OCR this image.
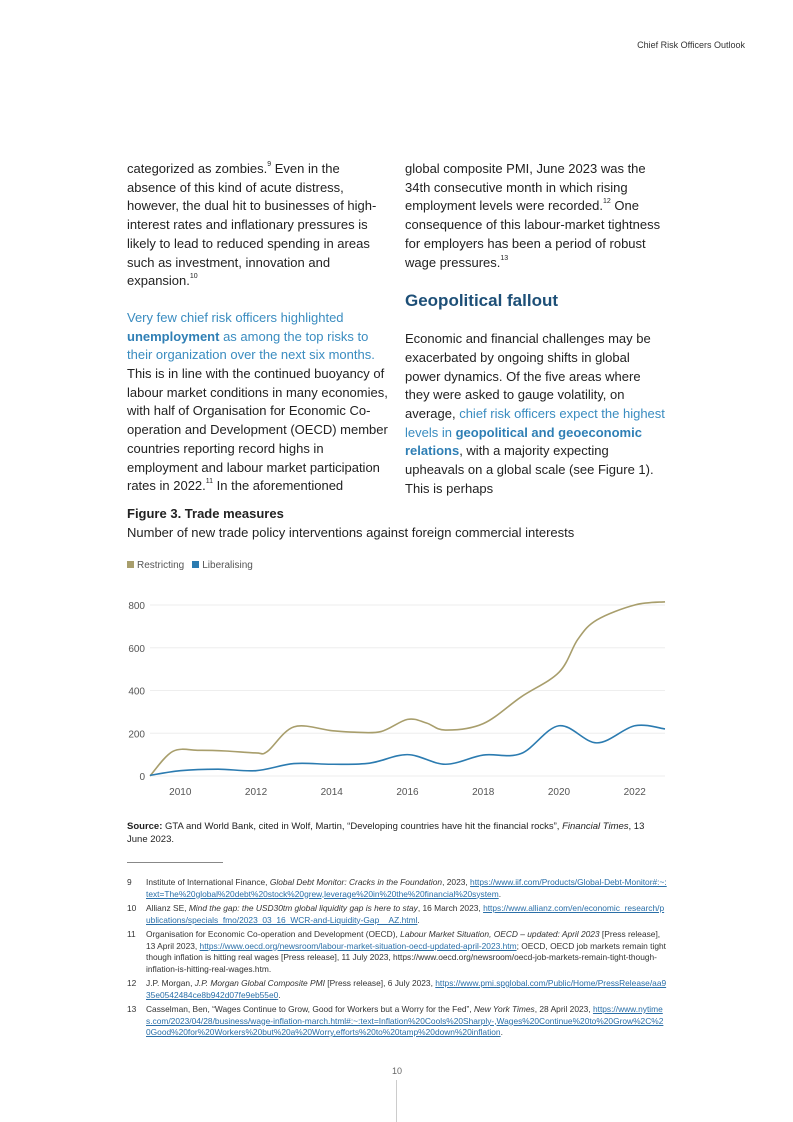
Chief Risk Officers Outlook

categorized as zombies.$^9$ Even in the absence of this kind of acute distress, however, the dual hit to businesses of high-interest rates and inflationary pressures is likely to lead to reduced spending in areas such as investment, innovation and expansion.$^{10}$

Very few chief risk officers highlighted unemployment as among the top risks to their organization over the next six months. This is in line with the continued buoyancy of labour market conditions in many economies, with half of Organisation for Economic Co-operation and Development (OECD) member countries reporting record highs in employment and labour market participation rates in 2022.11 In the aforementioned

global composite PMI, June 2023 was the 34th consecutive month in which rising employment levels were recorded.$^{12}$ One consequence of this labour-market tightness for employers has been a period of robust wage pressures.$^{13}$

Geopolitical fallout

Economic and financial challenges may be exacerbated by ongoing shifts in global power dynamics. Of the five areas where they were asked to gauge volatility, on average, chief risk officers expect the highest levels in geopolitical and geoeconomic relations, with a majority expecting upheavals on a global scale (see Figure 1). This is perhaps

Figure 3. Trade measures
Number of new trade policy interventions against foreign commercial interests
Restricting	Liberalising
0
200
400
600
800
2010	2012	2014	2016	2018	2020	2022
Source: GTA and World Bank, cited in Wolf, Martin, “Developing countries have hit the financial rocks”, Financial Times, 13 June 2023.
9	Institute of International Finance, Global Debt Monitor: Cracks in the Foundation, 2023, https://www.iif.com/Products/Global-Debt-Monitor#:~:text=The%20global%20debt%20stock%20grew,leverage%20in%20the%20financial%20system.
10	Allianz SE, Mind the gap: the USD30tm global liquidity gap is here to stay, 16 March 2023, https://www.allianz.com/en/economic_research/publications/specials_fmo/2023_03_16_WCR-and-Liquidity-Gap__AZ.html.
11	Organisation for Economic Co-operation and Development (OECD), Labour Market Situation, OECD – updated: April 2023 [Press release], 13 April 2023, https://www.oecd.org/newsroom/labour-market-situation-oecd-updated-april-2023.htm; OECD, OECD job markets remain tight though inflation is hitting real wages [Press release], 11 July 2023, https://www.oecd.org/newsroom/oecd-job-markets-remain-tight-though-inflation-is-hitting-real-wages.htm.
12	J.P. Morgan, J.P. Morgan Global Composite PMI [Press release], 6 July 2023, https://www.pmi.spglobal.com/Public/Home/PressRelease/aa935e0542484ce8b942d07fe9eb55e0.
13	Casselman, Ben, “Wages Continue to Grow, Good for Workers but a Worry for the Fed”, New York Times, 28 April 2023, https://www.nytimes.com/2023/04/28/business/wage-inflation-march.html#:~:text=Inflation%20Cools%20Sharply-,Wages%20Continue%20to%20Grow%2C%20Good%20for%20Workers%20but%20a%20Worry,efforts%20to%20tamp%20down%20inflation.
10
